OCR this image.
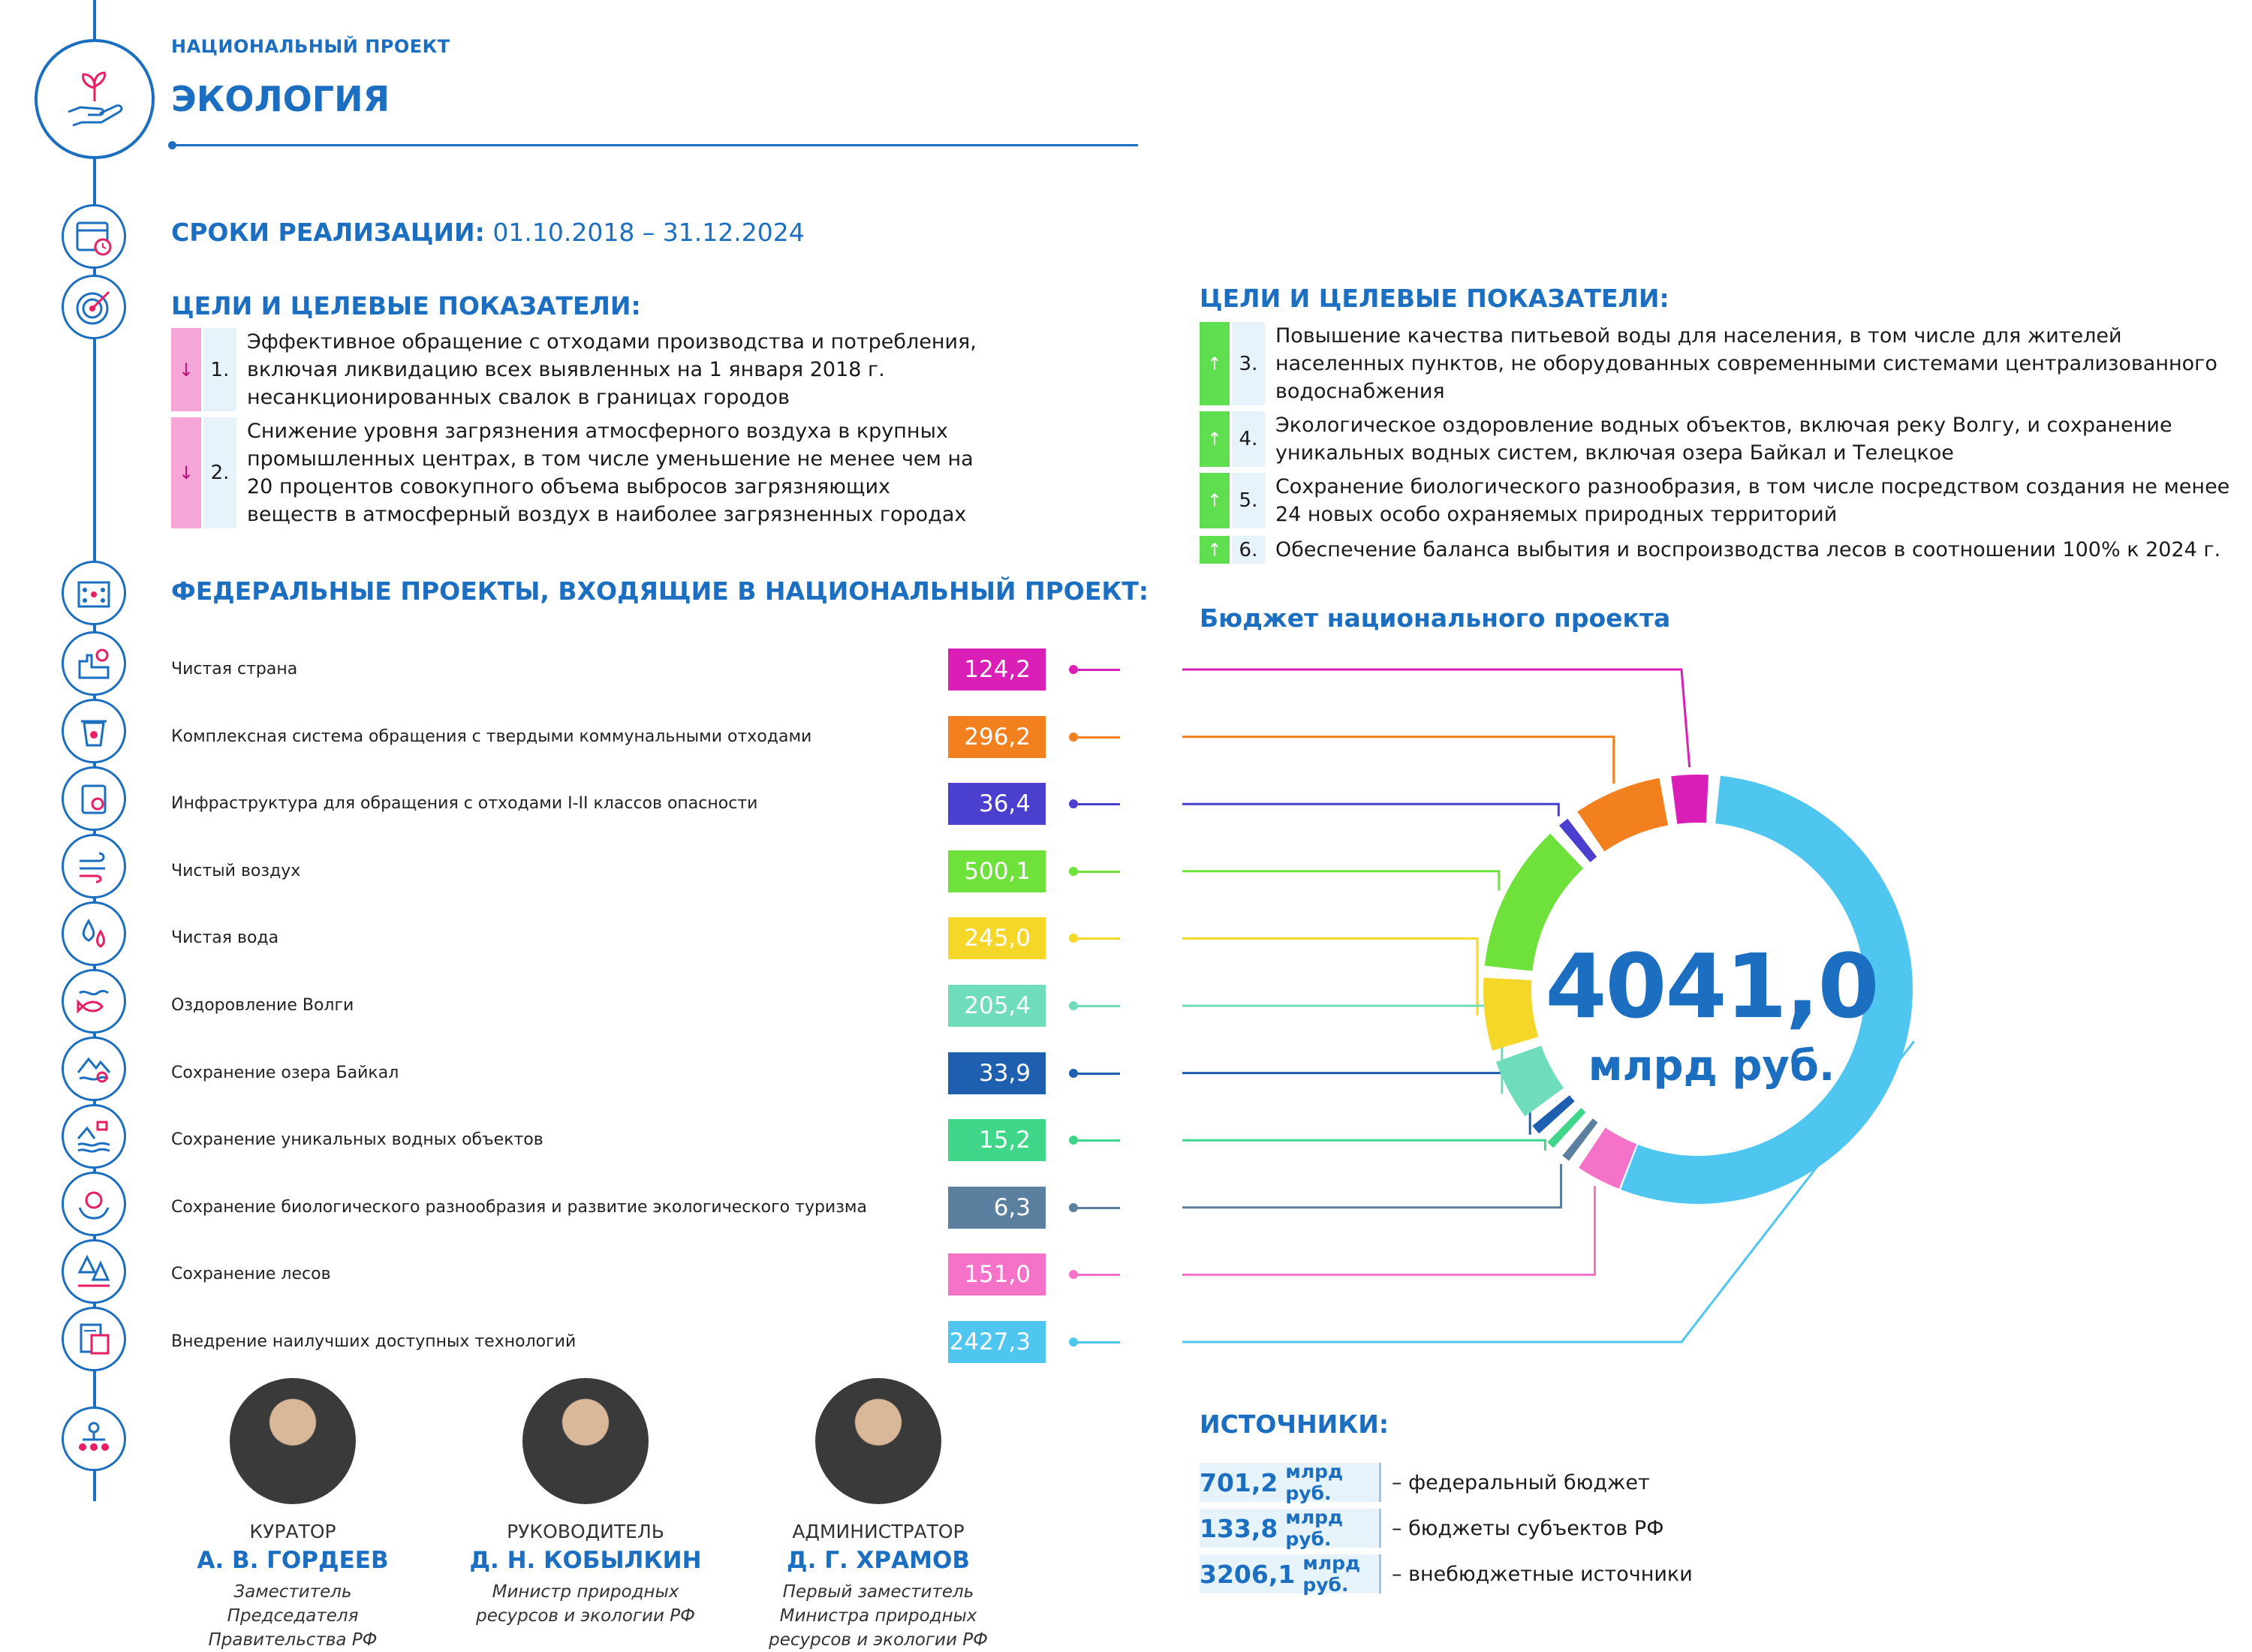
НАЦИОНАЛЬНЫЙ ПРОЕКТ
ЭКОЛОГИЯ
СРОКИ РЕАЛИЗАЦИИ: 01.10.2018 – 31.12.2024
ЦЕЛИ И ЦЕЛЕВЫЕ ПОКАЗАТЕЛИ:
↓ 1.
Эффективное обращение с отходами производства и потребления, включая ликвидацию всех выявленных на 1 января 2018 г. несанкционированных свалок в границах городов
↓ 2.
Снижение уровня загрязнения атмосферного воздуха в крупных промышленных центрах, в том числе уменьшение не менее чем на 20 процентов совокупного объема выбросов загрязняющих веществ в атмосферный воздух в наиболее загрязненных городах
ЦЕЛИ И ЦЕЛЕВЫЕ ПОКАЗАТЕЛИ:
↑ 3.
Повышение качества питьевой воды для населения, в том числе для жителей населенных пунктов, не оборудованных современными системами централизованного водоснабжения
↑ 4.
Экологическое оздоровление водных объектов, включая реку Волгу, и сохранение уникальных водных систем, включая озера Байкал и Телецкое
↑ 5.
Сохранение биологического разнообразия, в том числе посредством создания не менее 24 новых особо охраняемых природных территорий
↑ 6. Обеспечение баланса выбытия и воспроизводства лесов в соотношении 100% к 2024 г.
ФЕДЕРАЛЬНЫЕ ПРОЕКТЫ, ВХОДЯЩИЕ В НАЦИОНАЛЬНЫЙ ПРОЕКТ:
Бюджет национального проекта
Чистая страна	124,2
Комплексная система обращения с твердыми коммунальными отходами	296,2
Инфраструктура для обращения с отходами I-II классов опасности	36,4
Чистый воздух	500,1
Чистая вода	245,0
Оздоровление Волги	205,4
Сохранение озера Байкал	33,9
Сохранение уникальных водных объектов	15,2
Сохранение биологического разнообразия и развитие экологического туризма	6,3
Сохранение лесов	151,0
Внедрение наилучших доступных технологий	2427,3
4041,0
млрд руб.
ИСТОЧНИКИ:
701,2 млрд руб.	– федеральный бюджет
133,8 млрд руб.	– бюджеты субъектов РФ
3206,1 млрд руб.	– внебюджетные источники
КУРАТОР
А. В. ГОРДЕЕВ
Заместитель Председателя Правительства РФ
РУКОВОДИТЕЛЬ
Д. Н. КОБЫЛКИН
Министр природных ресурсов и экологии РФ
АДМИНИСТРАТОР
Д. Г. ХРАМОВ
Первый заместитель Министра природных ресурсов и экологии РФ
